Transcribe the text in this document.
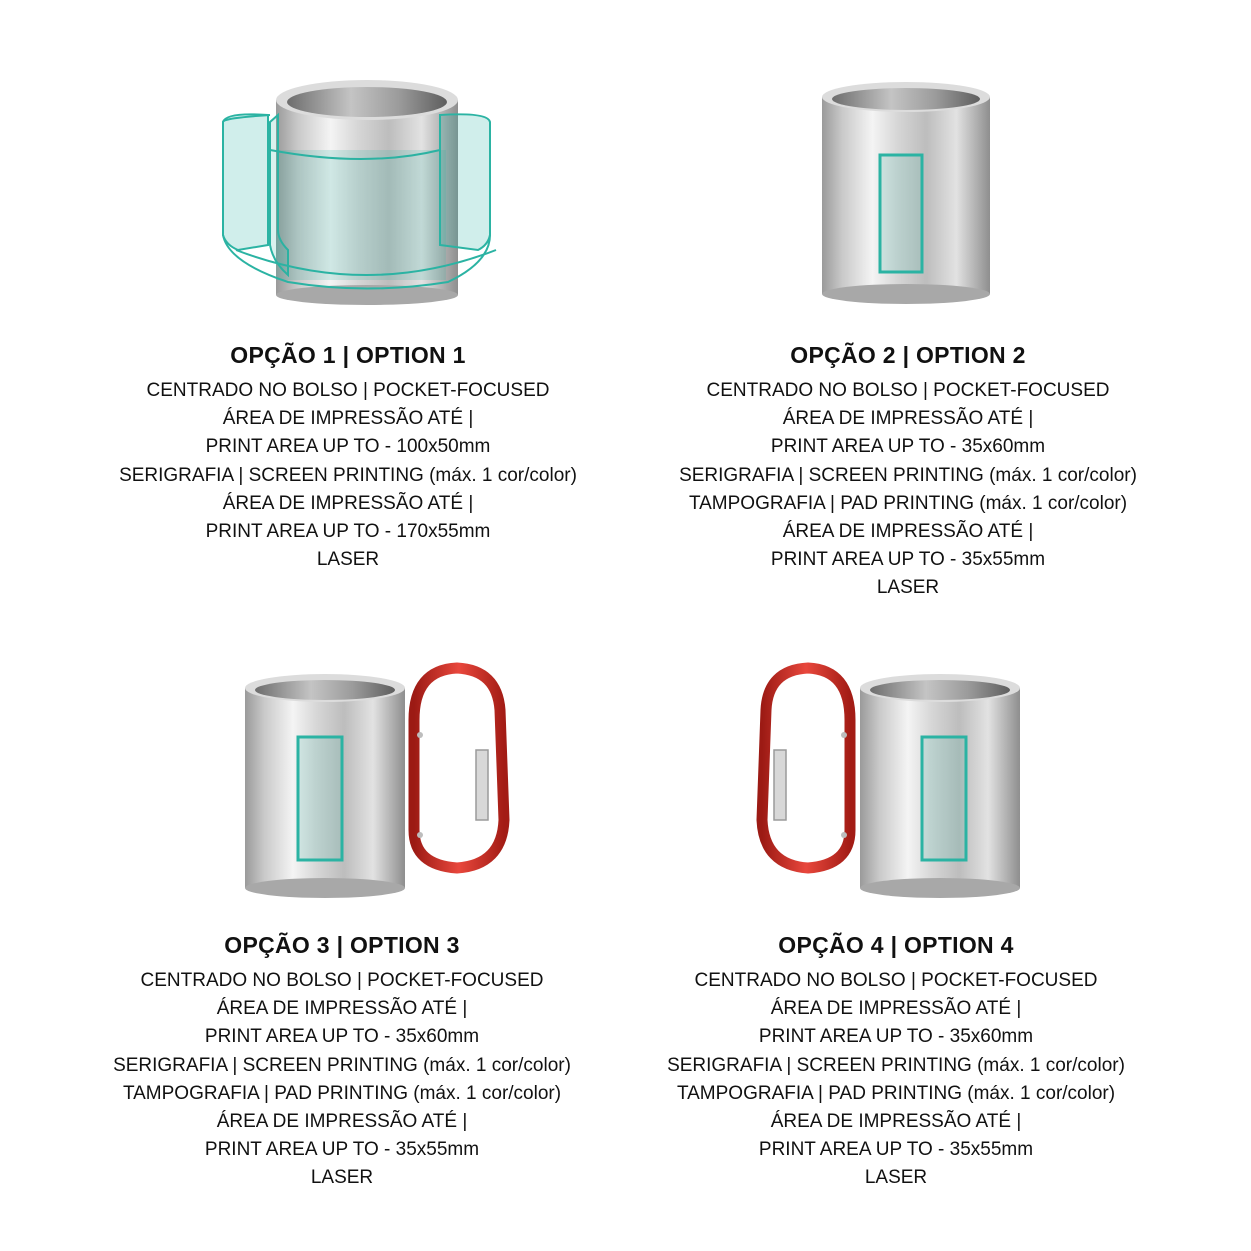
OPÇÃO 1 | OPTION 1
CENTRADO NO BOLSO | POCKET-FOCUSED
ÁREA DE IMPRESSÃO ATÉ |
PRINT AREA UP TO - 100x50mm
SERIGRAFIA | SCREEN PRINTING (máx. 1 cor/color)
ÁREA DE IMPRESSÃO ATÉ |
PRINT AREA UP TO - 170x55mm
LASER
OPÇÃO 2 | OPTION 2
CENTRADO NO BOLSO | POCKET-FOCUSED
ÁREA DE IMPRESSÃO ATÉ |
PRINT AREA UP TO - 35x60mm
SERIGRAFIA | SCREEN PRINTING (máx. 1 cor/color)
TAMPOGRAFIA | PAD PRINTING (máx. 1 cor/color)
ÁREA DE IMPRESSÃO ATÉ |
PRINT AREA UP TO - 35x55mm
LASER
OPÇÃO 3 | OPTION 3
CENTRADO NO BOLSO | POCKET-FOCUSED
ÁREA DE IMPRESSÃO ATÉ |
PRINT AREA UP TO - 35x60mm
SERIGRAFIA | SCREEN PRINTING (máx. 1 cor/color)
TAMPOGRAFIA | PAD PRINTING (máx. 1 cor/color)
ÁREA DE IMPRESSÃO ATÉ |
PRINT AREA UP TO - 35x55mm
LASER
OPÇÃO 4 | OPTION 4
CENTRADO NO BOLSO | POCKET-FOCUSED
ÁREA DE IMPRESSÃO ATÉ |
PRINT AREA UP TO - 35x60mm
SERIGRAFIA | SCREEN PRINTING (máx. 1 cor/color)
TAMPOGRAFIA | PAD PRINTING (máx. 1 cor/color)
ÁREA DE IMPRESSÃO ATÉ |
PRINT AREA UP TO - 35x55mm
LASER
